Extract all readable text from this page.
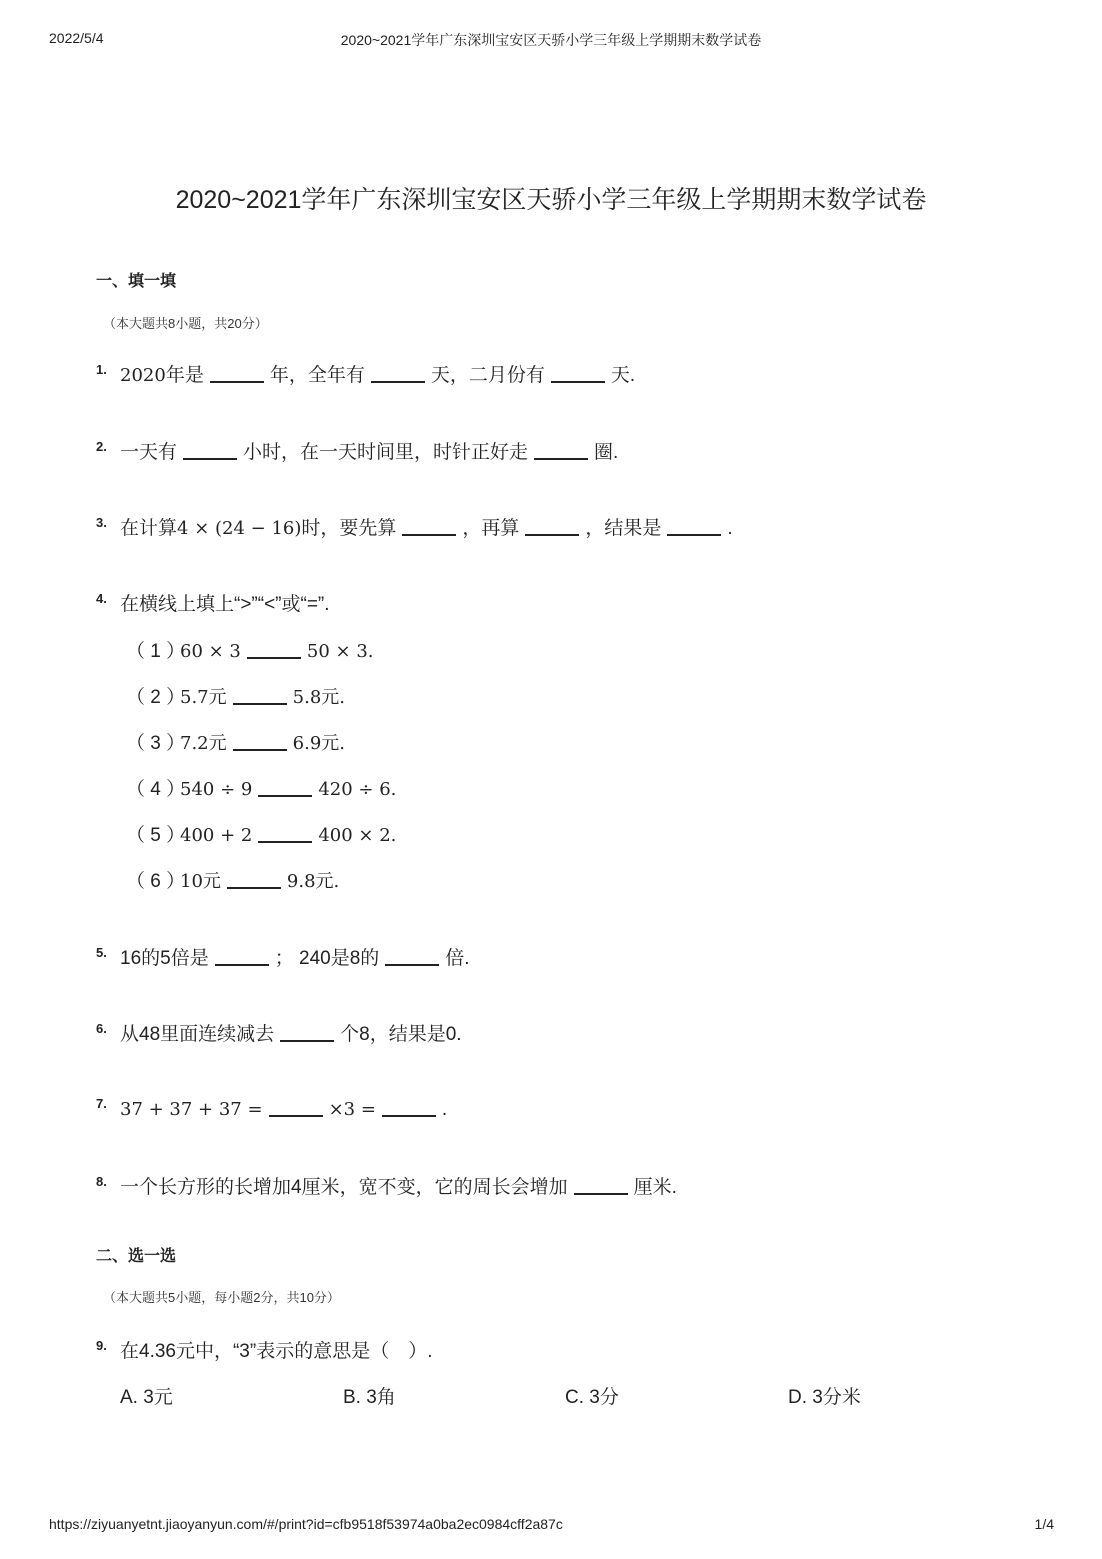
2022/5/4	2020~2021学年广东深圳宝安区天骄小学三年级上学期期末数学试卷
2020~2021学年广东深圳宝安区天骄小学三年级上学期期末数学试卷
一、填一填
（本大题共8小题，共20分）
1. 2020年是	年，全年有	天，二月份有	天.
2. 一天有	小时，在一天时间里，时针正好走	圈.
3. 在计算4 × (24 − 16)时，要先算	，再算	，结果是	.
4. 在横线上填上“>”“<”或“=”.
（ 1 ）60 × 3	50 × 3.
（ 2 ）5.7元	5.8元.
（ 3 ）7.2元	6.9元.
（ 4 ）540 ÷ 9	420 ÷ 6.
（ 5 ）400 + 2	400 × 2.
（ 6 ）10元	9.8元.
5. 16的5倍是	； 240是8的	倍.
6. 从48里面连续减去	个8，结果是0.
7. 37 + 37 + 37 =	×3 =	.
8. 一个长方形的长增加4厘米，宽不变，它的周长会增加	厘米.
二、选一选
（本大题共5小题，每小题2分，共10分）
9. 在4.36元中，“3”表示的意思是（　）.
A. 3元	B. 3角	C. 3分	D. 3分米
https://ziyuanyetnt.jiaoyanyun.com/#/print?id=cfb9518f53974a0ba2ec0984cff2a87c	1/4
